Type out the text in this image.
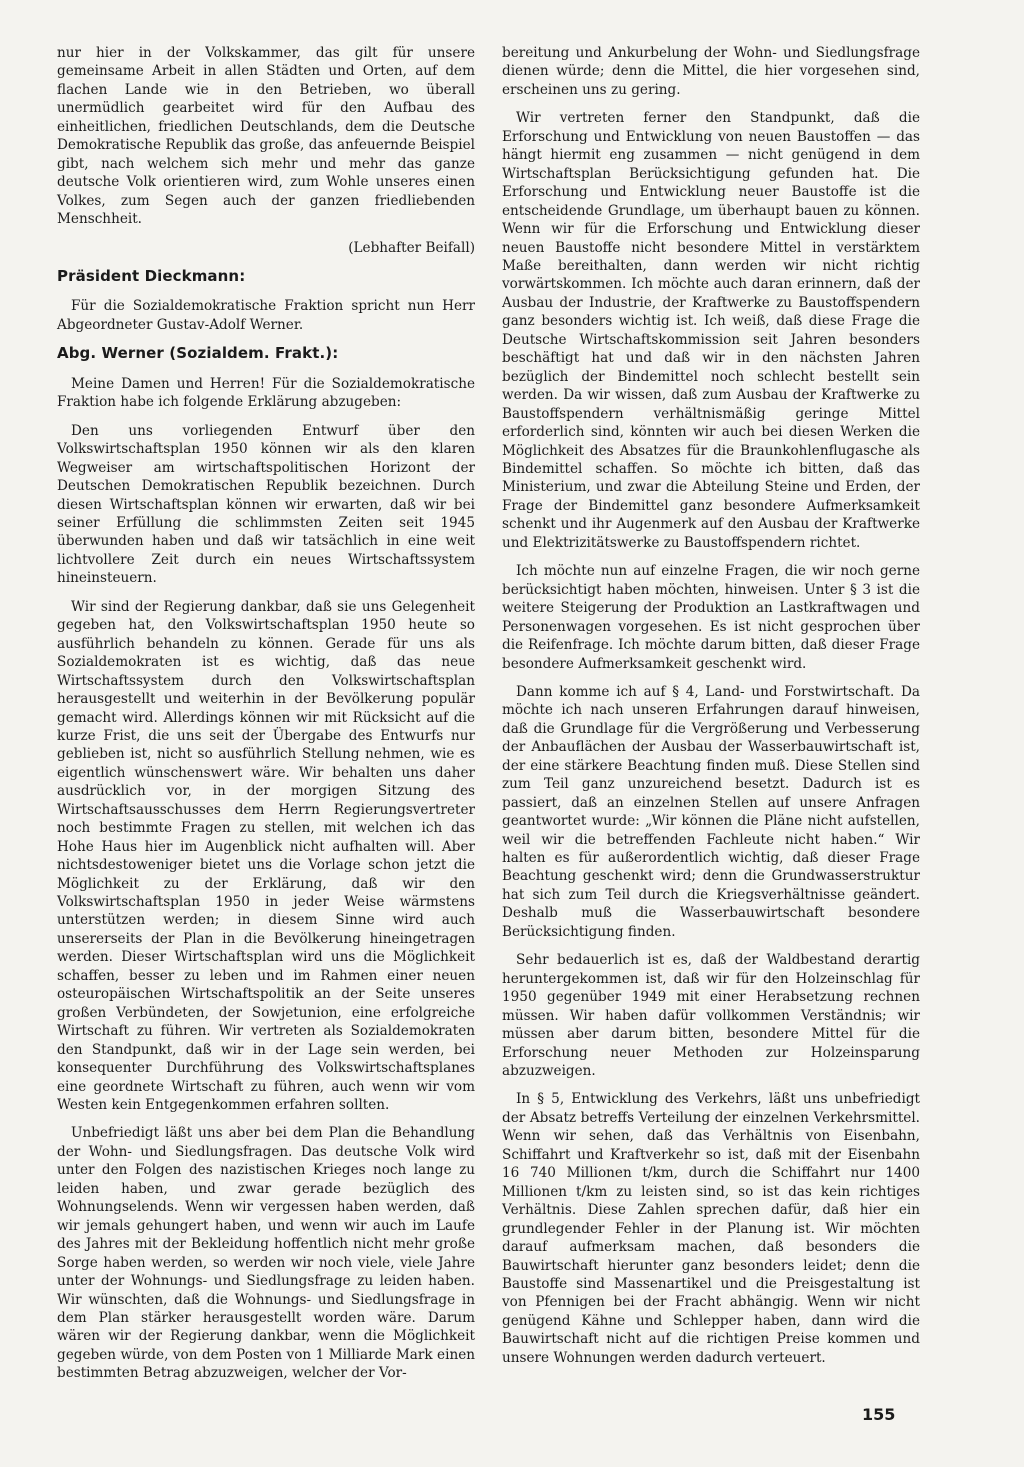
nur hier in der Volkskammer, das gilt für unsere gemeinsame Arbeit in allen Städten und Orten, auf dem flachen Lande wie in den Betrieben, wo überall unermüdlich gearbeitet wird für den Aufbau des einheitlichen, friedlichen Deutschlands, dem die Deutsche Demokratische Republik das große, das anfeuernde Beispiel gibt, nach welchem sich mehr und mehr das ganze deutsche Volk orientieren wird, zum Wohle unseres einen Volkes, zum Segen auch der ganzen friedliebenden Menschheit.

(Lebhafter Beifall)

Präsident Dieckmann:

Für die Sozialdemokratische Fraktion spricht nun Herr Abgeordneter Gustav-Adolf Werner.

Abg. Werner (Sozialdem. Frakt.):

Meine Damen und Herren! Für die Sozialdemokratische Fraktion habe ich folgende Erklärung abzugeben:

Den uns vorliegenden Entwurf über den Volkswirtschaftsplan 1950 können wir als den klaren Wegweiser am wirtschaftspolitischen Horizont der Deutschen Demokratischen Republik bezeichnen. Durch diesen Wirtschaftsplan können wir erwarten, daß wir bei seiner Erfüllung die schlimmsten Zeiten seit 1945 überwunden haben und daß wir tatsächlich in eine weit lichtvollere Zeit durch ein neues Wirtschaftssystem hineinsteuern.

Wir sind der Regierung dankbar, daß sie uns Gelegenheit gegeben hat, den Volkswirtschaftsplan 1950 heute so ausführlich behandeln zu können. Gerade für uns als Sozialdemokraten ist es wichtig, daß das neue Wirtschaftssystem durch den Volkswirtschaftsplan herausgestellt und weiterhin in der Bevölkerung populär gemacht wird. Allerdings können wir mit Rücksicht auf die kurze Frist, die uns seit der Übergabe des Entwurfs nur geblieben ist, nicht so ausführlich Stellung nehmen, wie es eigentlich wünschenswert wäre. Wir behalten uns daher ausdrücklich vor, in der morgigen Sitzung des Wirtschaftsausschusses dem Herrn Regierungsvertreter noch bestimmte Fragen zu stellen, mit welchen ich das Hohe Haus hier im Augenblick nicht aufhalten will. Aber nichtsdestoweniger bietet uns die Vorlage schon jetzt die Möglichkeit zu der Erklärung, daß wir den Volkswirtschaftsplan 1950 in jeder Weise wärmstens unterstützen werden; in diesem Sinne wird auch unsererseits der Plan in die Bevölkerung hineingetragen werden. Dieser Wirtschaftsplan wird uns die Möglichkeit schaffen, besser zu leben und im Rahmen einer neuen osteuropäischen Wirtschaftspolitik an der Seite unseres großen Verbündeten, der Sowjetunion, eine erfolgreiche Wirtschaft zu führen. Wir vertreten als Sozialdemokraten den Standpunkt, daß wir in der Lage sein werden, bei konsequenter Durchführung des Volkswirtschaftsplanes eine geordnete Wirtschaft zu führen, auch wenn wir vom Westen kein Entgegenkommen erfahren sollten.

Unbefriedigt läßt uns aber bei dem Plan die Behandlung der Wohn- und Siedlungsfragen. Das deutsche Volk wird unter den Folgen des nazistischen Krieges noch lange zu leiden haben, und zwar gerade bezüglich des Wohnungselends. Wenn wir vergessen haben werden, daß wir jemals gehungert haben, und wenn wir auch im Laufe des Jahres mit der Bekleidung hoffentlich nicht mehr große Sorge haben werden, so werden wir noch viele, viele Jahre unter der Wohnungs- und Siedlungsfrage zu leiden haben. Wir wünschten, daß die Wohnungs- und Siedlungsfrage in dem Plan stärker herausgestellt worden wäre. Darum wären wir der Regierung dankbar, wenn die Möglichkeit gegeben würde, von dem Posten von 1 Milliarde Mark einen bestimmten Betrag abzuzweigen, welcher der Vor-

bereitung und Ankurbelung der Wohn- und Siedlungsfrage dienen würde; denn die Mittel, die hier vorgesehen sind, erscheinen uns zu gering.

Wir vertreten ferner den Standpunkt, daß die Erforschung und Entwicklung von neuen Baustoffen — das hängt hiermit eng zusammen — nicht genügend in dem Wirtschaftsplan Berücksichtigung gefunden hat. Die Erforschung und Entwicklung neuer Baustoffe ist die entscheidende Grundlage, um überhaupt bauen zu können. Wenn wir für die Erforschung und Entwicklung dieser neuen Baustoffe nicht besondere Mittel in verstärktem Maße bereithalten, dann werden wir nicht richtig vorwärtskommen. Ich möchte auch daran erinnern, daß der Ausbau der Industrie, der Kraftwerke zu Baustoffspendern ganz besonders wichtig ist. Ich weiß, daß diese Frage die Deutsche Wirtschaftskommission seit Jahren besonders beschäftigt hat und daß wir in den nächsten Jahren bezüglich der Bindemittel noch schlecht bestellt sein werden. Da wir wissen, daß zum Ausbau der Kraftwerke zu Baustoffspendern verhältnismäßig geringe Mittel erforderlich sind, könnten wir auch bei diesen Werken die Möglichkeit des Absatzes für die Braunkohlenflugasche als Bindemittel schaffen. So möchte ich bitten, daß das Ministerium, und zwar die Abteilung Steine und Erden, der Frage der Bindemittel ganz besondere Aufmerksamkeit schenkt und ihr Augenmerk auf den Ausbau der Kraftwerke und Elektrizitätswerke zu Baustoffspendern richtet.

Ich möchte nun auf einzelne Fragen, die wir noch gerne berücksichtigt haben möchten, hinweisen. Unter § 3 ist die weitere Steigerung der Produktion an Lastkraftwagen und Personenwagen vorgesehen. Es ist nicht gesprochen über die Reifenfrage. Ich möchte darum bitten, daß dieser Frage besondere Aufmerksamkeit geschenkt wird.

Dann komme ich auf § 4, Land- und Forstwirtschaft. Da möchte ich nach unseren Erfahrungen darauf hinweisen, daß die Grundlage für die Vergrößerung und Verbesserung der Anbauflächen der Ausbau der Wasserbauwirtschaft ist, der eine stärkere Beachtung finden muß. Diese Stellen sind zum Teil ganz unzureichend besetzt. Dadurch ist es passiert, daß an einzelnen Stellen auf unsere Anfragen geantwortet wurde: „Wir können die Pläne nicht aufstellen, weil wir die betreffenden Fachleute nicht haben.“ Wir halten es für außerordentlich wichtig, daß dieser Frage Beachtung geschenkt wird; denn die Grundwasserstruktur hat sich zum Teil durch die Kriegsverhältnisse geändert. Deshalb muß die Wasserbauwirtschaft besondere Berücksichtigung finden.

Sehr bedauerlich ist es, daß der Waldbestand derartig heruntergekommen ist, daß wir für den Holzeinschlag für 1950 gegenüber 1949 mit einer Herabsetzung rechnen müssen. Wir haben dafür vollkommen Verständnis; wir müssen aber darum bitten, besondere Mittel für die Erforschung neuer Methoden zur Holzeinsparung abzuzweigen.

In § 5, Entwicklung des Verkehrs, läßt uns unbefriedigt der Absatz betreffs Verteilung der einzelnen Verkehrsmittel. Wenn wir sehen, daß das Verhältnis von Eisenbahn, Schiffahrt und Kraftverkehr so ist, daß mit der Eisenbahn 16 740 Millionen t/km, durch die Schiffahrt nur 1400 Millionen t/km zu leisten sind, so ist das kein richtiges Verhältnis. Diese Zahlen sprechen dafür, daß hier ein grundlegender Fehler in der Planung ist. Wir möchten darauf aufmerksam machen, daß besonders die Bauwirtschaft hierunter ganz besonders leidet; denn die Baustoffe sind Massenartikel und die Preisgestaltung ist von Pfennigen bei der Fracht abhängig. Wenn wir nicht genügend Kähne und Schlepper haben, dann wird die Bauwirtschaft nicht auf die richtigen Preise kommen und unsere Wohnungen werden dadurch verteuert.

155
